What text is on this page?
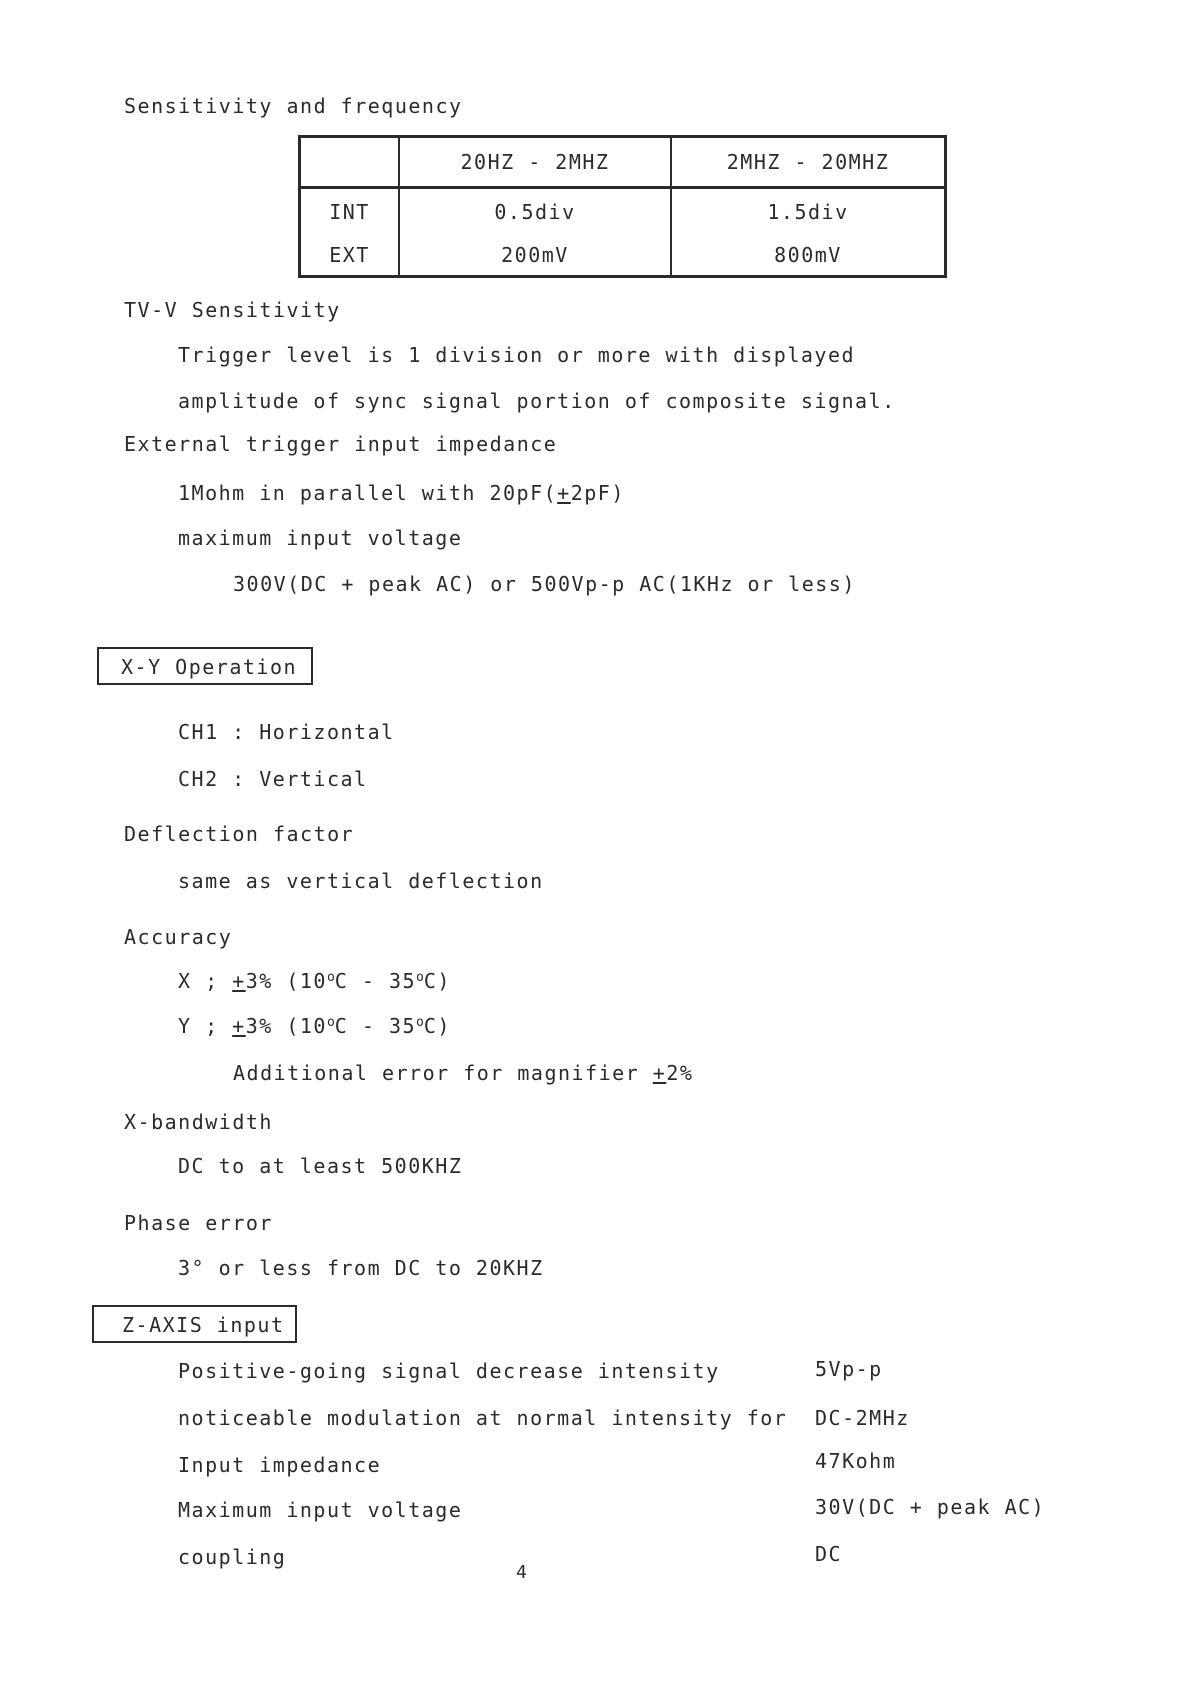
Sensitivity and frequency
	20HZ - 2MHZ	2MHZ - 20MHZ
INT	0.5div	1.5div
EXT	200mV	800mV
TV-V Sensitivity
Trigger level is 1 division or more with displayed
amplitude of sync signal portion of composite signal.
External trigger input impedance
1Mohm in parallel with 20pF(+2pF)
maximum input voltage
300V(DC + peak AC) or 500Vp-p AC(1KHz or less)
X-Y Operation
CH1 : Horizontal
CH2 : Vertical
Deflection factor
same as vertical deflection
Accuracy
X ; +3% (10$^o$C - 35$^o$C)
Y ; +3% (10$^o$C - 35$^o$C)
Additional error for magnifier +2%
X-bandwidth
DC to at least 500KHZ
Phase error
3° or less from DC to 20KHZ
Z-AXIS input
Positive-going signal decrease intensity	5Vp-p
noticeable modulation at normal intensity for DC-2MHz
Input impedance	47Kohm
Maximum input voltage	30V(DC + peak AC)
coupling	DC
4
